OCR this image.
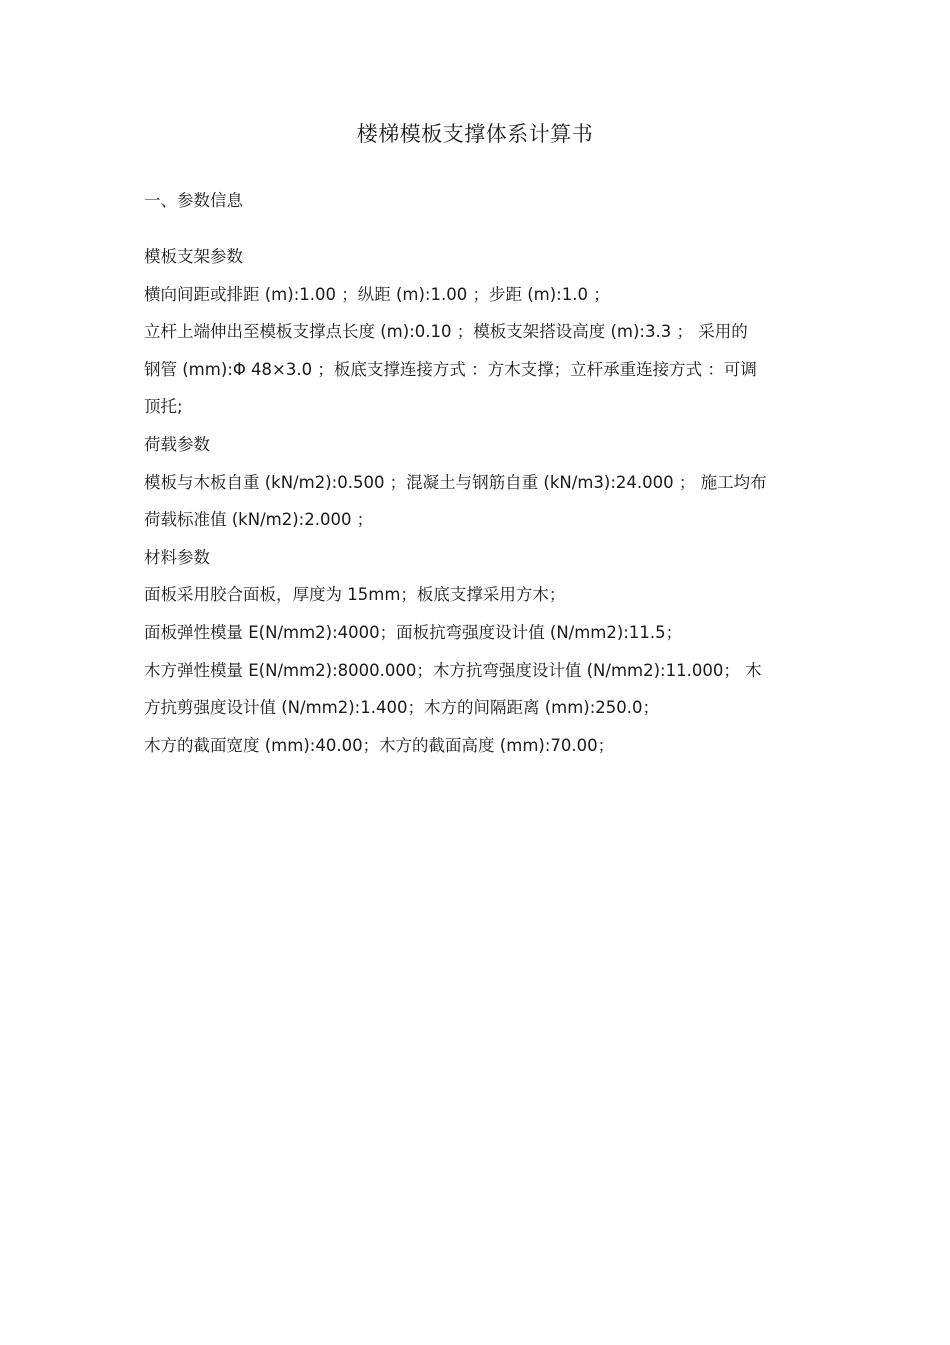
楼梯模板支撑体系计算书
一、参数信息
模板支架参数
横向间距或排距 (m):1.00 ；纵距 (m):1.00 ；步距 (m):1.0 ；
立杆上端伸出至模板支撑点长度 (m):0.10 ；模板支架搭设高度 (m):3.3 ； 采用的
钢管 (mm):Φ 48×3.0 ；板底支撑连接方式 ：方木支撑；立杆承重连接方式 ：可调
顶托;
荷载参数
模板与木板自重 (kN/m2):0.500 ；混凝土与钢筋自重 (kN/m3):24.000 ； 施工均布
荷载标准值 (kN/m2):2.000 ；
材料参数
面板采用胶合面板，厚度为 15mm；板底支撑采用方木；
面板弹性模量 E(N/mm2):4000；面板抗弯强度设计值 (N/mm2):11.5；
木方弹性模量 E(N/mm2):8000.000；木方抗弯强度设计值 (N/mm2):11.000； 木
方抗剪强度设计值 (N/mm2):1.400；木方的间隔距离 (mm):250.0；
木方的截面宽度 (mm):40.00；木方的截面高度 (mm):70.00；
